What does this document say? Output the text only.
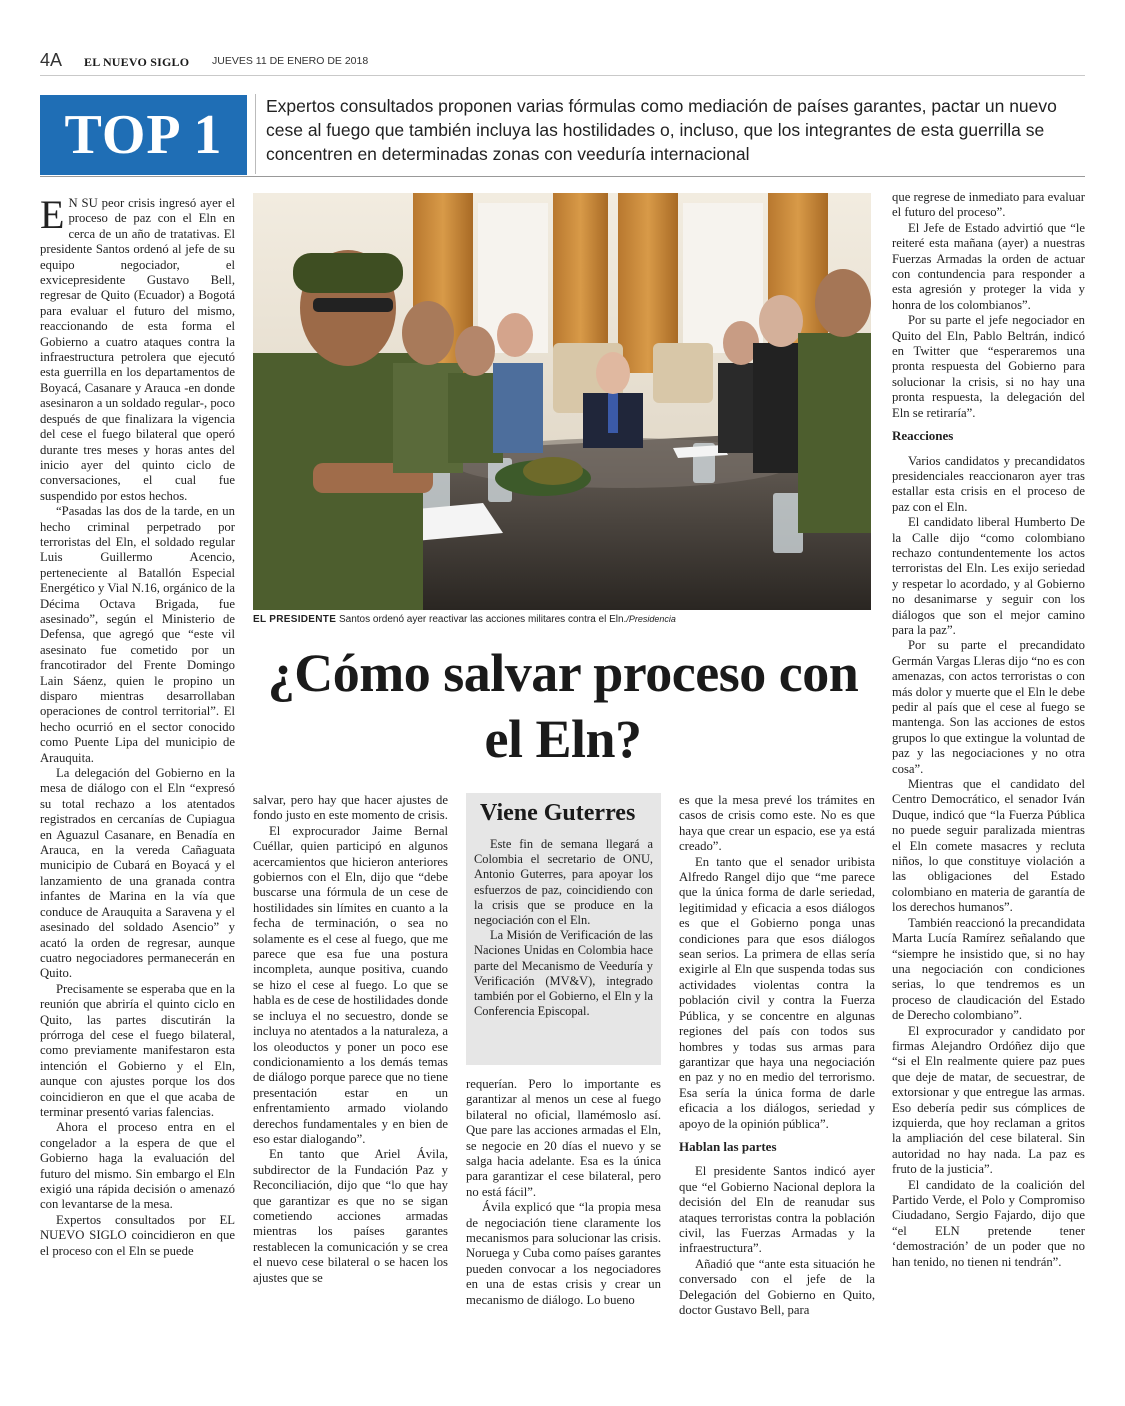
4A EL NUEVO SIGLO JUEVES 11 DE ENERO DE 2018
TOP 1	Expertos consultados proponen varias fórmulas como mediación de países garantes, pactar un nuevo cese al fuego que también incluya las hostilidades o, incluso, que los integrantes de esta guerrilla se concentren en determinadas zonas con veeduría internacional

E N SU peor crisis ingresó ayer el proceso de paz con el Eln en cerca de un año de tratativas. El presidente Santos ordenó al jefe de su equipo negociador, el exvicepresidente Gustavo Bell, regresar de Quito (Ecuador) a Bogotá para evaluar el futuro del mismo, reaccionando de esta forma el Gobierno a cuatro ataques contra la infraestructura petrolera que ejecutó esta guerrilla en los departamentos de Boyacá, Casanare y Arauca -en donde asesinaron a un soldado regular-, poco después de que finalizara la vigencia del cese el fuego bilateral que operó durante tres meses y horas antes del inicio ayer del quinto ciclo de conversaciones, el cual fue suspendido por estos hechos.

“Pasadas las dos de la tarde, en un hecho criminal perpetrado por terroristas del Eln, el soldado regular Luis Guillermo Acencio, perteneciente al Batallón Especial Energético y Vial N.16, orgánico de la Décima Octava Brigada, fue asesinado”, según el Ministerio de Defensa, que agregó que “este vil asesinato fue cometido por un francotirador del Frente Domingo Lain Sáenz, quien le propino un disparo mientras desarrollaban operaciones de control territorial”. El hecho ocurrió en el sector conocido como Puente Lipa del municipio de Arauquita.

La delegación del Gobierno en la mesa de diálogo con el Eln “expresó su total rechazo a los atentados registrados en cercanías de Cupiagua en Aguazul Casanare, en Benadía en Arauca, en la vereda Cañaguata municipio de Cubará en Boyacá y el lanzamiento de una granada contra infantes de Marina en la vía que conduce de Arauquita a Saravena y el asesinado del soldado Asencio” y acató la orden de regresar, aunque cuatro negociadores permanecerán en Quito.

Precisamente se esperaba que en la reunión que abriría el quinto ciclo en Quito, las partes discutirán la prórroga del cese el fuego bilateral, como previamente manifestaron esta intención el Gobierno y el Eln, aunque con ajustes porque los dos coincidieron en que el que acaba de terminar presentó varias falencias.

Ahora el proceso entra en el congelador a la espera de que el Gobierno haga la evaluación del futuro del mismo. Sin embargo el Eln exigió una rápida decisión o amenazó con levantarse de la mesa.

Expertos consultados por EL NUEVO SIGLO coincidieron en que el proceso con el Eln se puede

EL PRESIDENTE Santos ordenó ayer reactivar las acciones militares contra el Eln./Presidencia
¿Cómo salvar proceso con el Eln?

salvar, pero hay que hacer ajustes de fondo justo en este momento de crisis.

El exprocurador Jaime Bernal Cuéllar, quien participó en algunos acercamientos que hicieron anteriores gobiernos con el Eln, dijo que “debe buscarse una fórmula de un cese de hostilidades sin límites en cuanto a la fecha de terminación, o sea no solamente es el cese al fuego, que me parece que esa fue una postura incompleta, aunque positiva, cuando se hizo el cese al fuego. Lo que se habla es de cese de hostilidades donde se incluya el no secuestro, donde se incluya no atentados a la naturaleza, a los oleoductos y poner un poco ese condicionamiento a los demás temas de diálogo porque parece que no tiene presentación estar en un enfrentamiento armado violando derechos fundamentales y en bien de eso estar dialogando”.

En tanto que Ariel Ávila, subdirector de la Fundación Paz y Reconciliación, dijo que “lo que hay que garantizar es que no se sigan cometiendo acciones armadas mientras los países garantes restablecen la comunicación y se crea el nuevo cese bilateral o se hacen los ajustes que se

Viene Guterres

Este fin de semana llegará a Colombia el secretario de ONU, Antonio Guterres, para apoyar los esfuerzos de paz, coincidiendo con la crisis que se produce en la negociación con el Eln.

La Misión de Verificación de las Naciones Unidas en Colombia hace parte del Mecanismo de Veeduría y Verificación (MV&V), integrado también por el Gobierno, el Eln y la Conferencia Episcopal.

requerían. Pero lo importante es garantizar al menos un cese al fuego bilateral no oficial, llamémoslo así. Que pare las acciones armadas el Eln, se negocie en 20 días el nuevo y se salga hacia adelante. Esa es la única para garantizar el cese bilateral, pero no está fácil”.

Ávila explicó que “la propia mesa de negociación tiene claramente los mecanismos para solucionar las crisis. Noruega y Cuba como países garantes pueden convocar a los negociadores en una de estas crisis y crear un mecanismo de diálogo. Lo bueno

es que la mesa prevé los trámites en casos de crisis como este. No es que haya que crear un espacio, ese ya está creado”.

En tanto que el senador uribista Alfredo Rangel dijo que “me parece que la única forma de darle seriedad, legitimidad y eficacia a esos diálogos es que el Gobierno ponga unas condiciones para que esos diálogos sean serios. La primera de ellas sería exigirle al Eln que suspenda todas sus actividades violentas contra la población civil y contra la Fuerza Pública, y se concentre en algunas regiones del país con todos sus hombres y todas sus armas para garantizar que haya una negociación en paz y no en medio del terrorismo. Esa sería la única forma de darle eficacia a los diálogos, seriedad y apoyo de la opinión pública”.

Hablan las partes

El presidente Santos indicó ayer que “el Gobierno Nacional deplora la decisión del Eln de reanudar sus ataques terroristas contra la población civil, las Fuerzas Armadas y la infraestructura”.

Añadió que “ante esta situación he conversado con el jefe de la Delegación del Gobierno en Quito, doctor Gustavo Bell, para

que regrese de inmediato para evaluar el futuro del proceso”.

El Jefe de Estado advirtió que “le reiteré esta mañana (ayer) a nuestras Fuerzas Armadas la orden de actuar con contundencia para responder a esta agresión y proteger la vida y honra de los colombianos”.

Por su parte el jefe negociador en Quito del Eln, Pablo Beltrán, indicó en Twitter que “esperaremos una pronta respuesta del Gobierno para solucionar la crisis, si no hay una pronta respuesta, la delegación del Eln se retiraría”.

Reacciones

Varios candidatos y precandidatos presidenciales reaccionaron ayer tras estallar esta crisis en el proceso de paz con el Eln.

El candidato liberal Humberto De la Calle dijo “como colombiano rechazo contundentemente los actos terroristas del Eln. Les exijo seriedad y respetar lo acordado, y al Gobierno no desanimarse y seguir con los diálogos que son el mejor camino para la paz”.

Por su parte el precandidato Germán Vargas Lleras dijo “no es con amenazas, con actos terroristas o con más dolor y muerte que el Eln le debe pedir al país que el cese al fuego se mantenga. Son las acciones de estos grupos lo que extingue la voluntad de paz y las negociaciones y no otra cosa”.

Mientras que el candidato del Centro Democrático, el senador Iván Duque, indicó que “la Fuerza Pública no puede seguir paralizada mientras el Eln comete masacres y recluta niños, lo que constituye violación a las obligaciones del Estado colombiano en materia de garantía de los derechos humanos”.

También reaccionó la precandidata Marta Lucía Ramírez señalando que “siempre he insistido que, si no hay una negociación con condiciones serias, lo que tendremos es un proceso de claudicación del Estado de Derecho colombiano”.

El exprocurador y candidato por firmas Alejandro Ordóñez dijo que “si el Eln realmente quiere paz pues que deje de matar, de secuestrar, de extorsionar y que entregue las armas. Eso debería pedir sus cómplices de izquierda, que hoy reclaman a gritos la ampliación del cese bilateral. Sin autoridad no hay nada. La paz es fruto de la justicia”.

El candidato de la coalición del Partido Verde, el Polo y Compromiso Ciudadano, Sergio Fajardo, dijo que “el ELN pretende tener ‘demostración’ de un poder que no han tenido, no tienen ni tendrán”.
